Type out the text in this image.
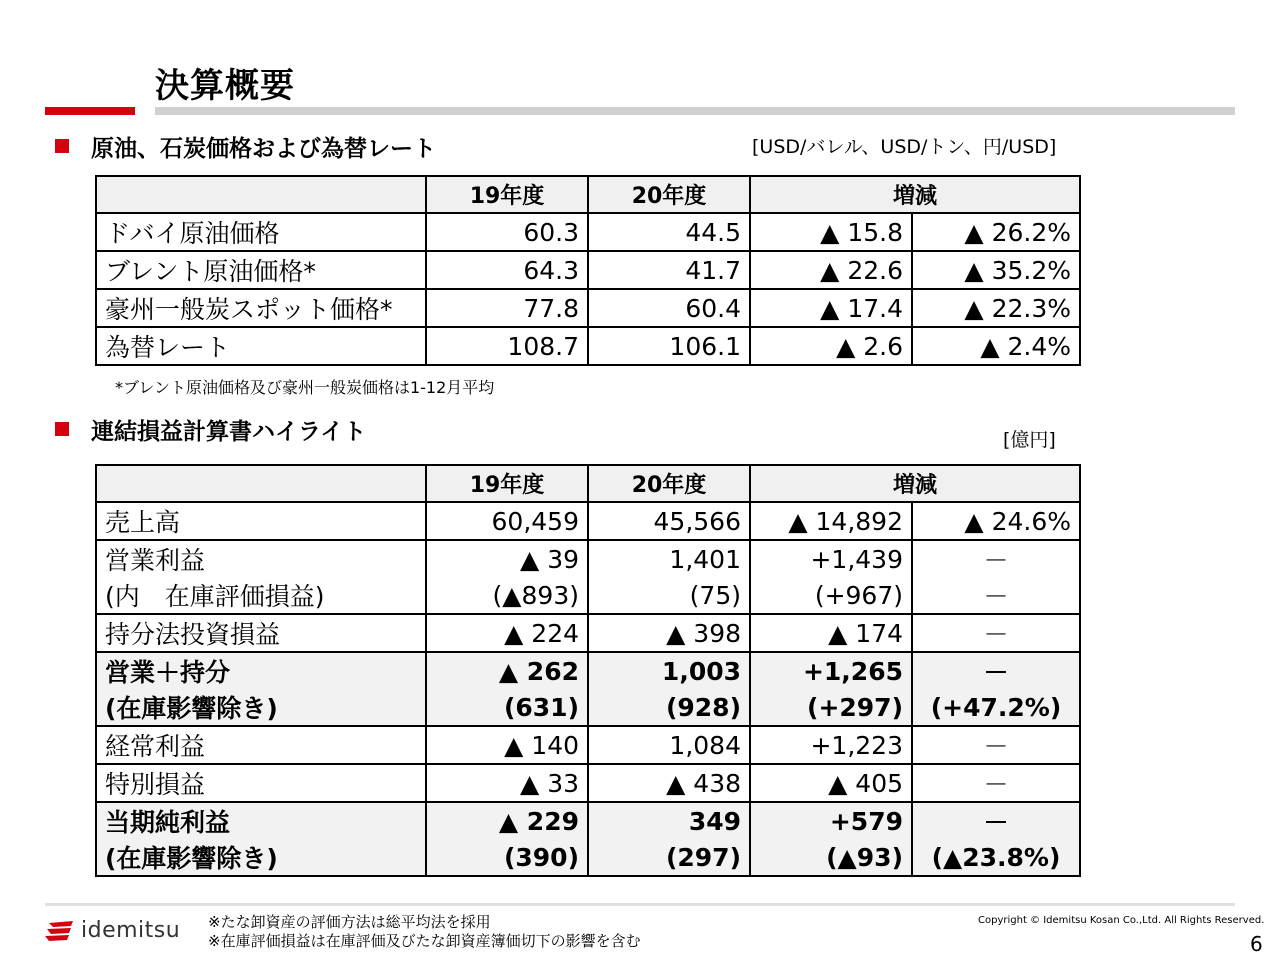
決算概要
原油、石炭価格および為替レート	[USD/バレル、USD/トン、円/USD]
	19年度	20年度	増減	
ドバイ原油価格	60.3	44.5	▲ 15.8	▲ 26.2%
ブレント原油価格*	64.3	41.7	▲ 22.6	▲ 35.2%
豪州一般炭スポット価格*	77.8	60.4	▲ 17.4	▲ 22.3%
為替レート	108.7	106.1	▲ 2.6	▲ 2.4%
*ブレント原油価格及び豪州一般炭価格は1-12月平均
連結損益計算書ハイライト	[億円]
	19年度	20年度	増減	
売上高	60,459	45,566	▲ 14,892	▲ 24.6%
営業利益	▲ 39	1,401	+1,439	－
(内　在庫評価損益)	(▲893)	(75)	(+967)	－
持分法投資損益	▲ 224	▲ 398	▲ 174	－
営業＋持分	▲ 262	1,003	+1,265	－
(在庫影響除き)	(631)	(928)	(+297)	(+47.2%)
経常利益	▲ 140	1,084	+1,223	－
特別損益	▲ 33	▲ 438	▲ 405	－
当期純利益	▲ 229	349	+579	－
(在庫影響除き)	(390)	(297)	(▲93)	(▲23.8%)
idemitsu ※たな卸資産の評価方法は総平均法を採用
※在庫評価損益は在庫評価及びたな卸資産簿価切下の影響を含む
Copyright © Idemitsu Kosan Co.,Ltd. All Rights Reserved.
6
